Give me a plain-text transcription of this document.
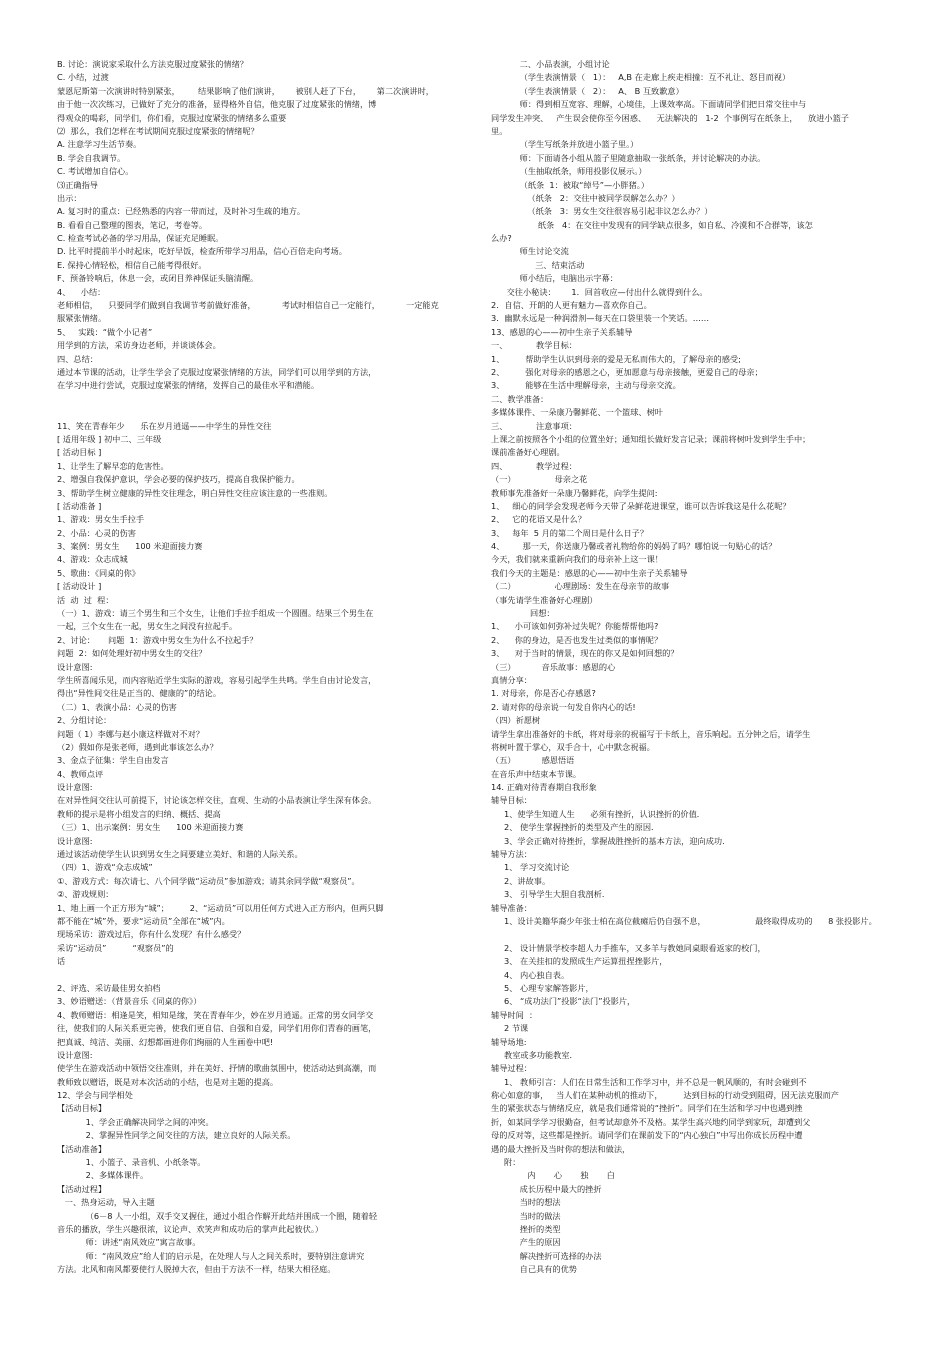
B. 讨论：演说家采取什么方法克服过度紧张的情绪？
C. 小结，过渡
蒙恩尼斯第一次演讲时特别紧张，       结果影响了他们演讲，      被别人赶了下台，      第二次演讲时，
由于他一次次练习，已做好了充分的准备，显得格外自信，他克服了过度紧张的情绪，博
得观众的喝彩，同学们，你们看，克服过度紧张的情绪多么重要
⑵  那么，我们怎样在考试期间克服过度紧张的情绪呢？
A. 注意学习生活节奏。
B. 学会自我调节。
C. 考试增加自信心。
⑶正确指导
出示：
A. 复习时的重点：已经熟悉的内容一带而过，及时补习生疏的地方。
B. 看看自己整理的图表，笔记，考卷等。
C. 检查考试必备的学习用品，保证充足睡眠。
D. 比平时提前半小时起床，吃好早饭，检查所带学习用品，信心百倍走向考场。
E. 保持心情轻松，相信自己能考得很好。
F、预备铃响后，休息一会，或闭目养神保证头脑清醒。
4、    小结：
老师相信，    只要同学们做到自我调节考前做好准备，          考试时相信自己一定能行，          一定能克
服紧张情绪。
5、   实践：“做个小记者”
用学到的方法，采访身边老师，并谈谈体会。
四、总结：
通过本节课的活动，让学生学会了克服过度紧张情绪的方法，同学们可以用学到的方法，
在学习中进行尝试，克服过度紧张的情绪，发挥自己的最佳水平和潜能。
11、笑在青春年少      乐在岁月逍遥——中学生的异性交往
[ 适用年级 ] 初中二、三年级
[ 活动目标 ]
1、让学生了解早恋的危害性。
2、增强自我保护意识，学会必要的保护技巧，提高自我保护能力。
3、帮助学生树立健康的异性交往理念，明白异性交往应该注意的一些准则。
[ 活动准备 ]
1、游戏：男女生手拉手
2、小品：心灵的伤害
3、案例：男女生      100 米迎面接力赛
4、游戏：众志成城
5、歌曲：《同桌的你》
[ 活动设计 ]
活  动  过  程：
（一）1、游戏：请三个男生和三个女生，让他们手拉手组成一个圆圈。结果三个男生在
一起，三个女生在一起，男女生之间没有拉起手。
2、讨论：     问题  1：游戏中男女生为什么不拉起手？
问题  2：如何处理好初中男女生的交往？
设计意图:
学生所喜闻乐见，而内容贴近学生实际的游戏，容易引起学生共鸣。学生自由讨论发言，
得出“异性间交往是正当的、健康的”的结论。
（二）1、表演小品：心灵的伤害
2、分组讨论：
问题（ 1）李娜与赵小康这样做对不对？
（2）假如你是张老师，遇到此事该怎么办？
3、金点子征集：学生自由发言
4、教师点评
设计意图:
在对异性间交往认可前提下，讨论该怎样交往，直观、生动的小品表演让学生深有体会。
教师的提示是将小组发言的归纳、概括、提高
（三）1、出示案例：男女生      100 米迎面接力赛
设计意图:
通过该活动使学生认识到男女生之间要建立美好、和谐的人际关系。
（四）1、游戏“众志成城”
①、游戏方式：每次请七、八个同学做“运动员”参加游戏；请其余同学做“观察员”。
②、游戏规则：
1、地上画一个正方形为“城”；        2、“运动员”可以用任何方式进入正方形内，但两只脚
都不能在“城”外，要求“运动员”全部在“城”内。
现场采访：游戏过后，你有什么发现？有什么感受？
采访“运动员”          “观察员”的
话
2、评选、采访最佳男女拍档
3、妙语赠送：（背景音乐《同桌的你》）
4、教师赠语：相逢是笑，相知是缘，笑在青春年少，妙在岁月逍遥。正常的男女同学交
往，使我们的人际关系更完善，使我们更自信、自强和自爱，同学们用你们青春的画笔，
把真诚、纯洁、美丽、幻想都画进你们绚丽的人生画卷中吧!
设计意图:
使学生在游戏活动中领悟交往准则，并在美好、抒情的歌曲氛围中，使活动达到高潮，而
教师致以赠语，既是对本次活动的小结，也是对主题的提高。
12、学会与同学相处
【活动目标】
1、学会正确解决同学之间的冲突。
2、掌握异性同学之间交往的方法，建立良好的人际关系。
【活动准备】
1、小篮子、录音机、小纸条等。
2、多媒体课件。
【活动过程】
一、热身运动，导入主题
（6－8 人一小组，双手交叉握住，通过小组合作解开此结并围成一个圈，随着轻
音乐的播放，学生兴趣很浓，议论声、欢笑声和成功后的掌声此起彼伏。）
师：讲述“南风效应”寓言故事。
师：“南风效应”给人们的启示是，在处理人与人之间关系时，要特别注意讲究
方法。北风和南风都要使行人脱掉大衣，但由于方法不一样，结果大相径庭。
二、小品表演，小组讨论
（学生表演情景（   1）：   A,B 在走廊上疾走相撞：互不礼让、怒目而视）
（学生表演情景（   2）：   A、 B 互致歉意）
师：得到相互宽容、理解，心境佳，上课效率高。下面请同学们把日常交往中与
同学发生冲突、   产生误会使你至今困惑、    无法解决的   1-2  个事例写在纸条上，    放进小篮子
里。
（学生写纸条并放进小篮子里。）
师：下面请各小组从篮子里随意抽取一张纸条，并讨论解决的办法。
（生抽取纸条，师用投影仪展示。）
（纸条  1：被取“绰号”—小胖猪。）
（纸条   2：交往中被同学误解怎么办？）
（纸条   3：男女生交往很容易引起非议怎么办？）
纸条   4：在交往中发现有的同学缺点很多，如自私、冷漠和不合群等，该怎
么办?
师生讨论交流
三、结束活动
师小结后，电脑出示字幕：
交往小秘诀：      1．回首收应—付出什么就得到什么。
2．自信、开朗的人更有魅力—喜欢你自己。
3．幽默永远是一种润滑剂—每天在口袋里装一个笑话。……
13、感恩的心——初中生亲子关系辅导
一、           教学目标：
1、        帮助学生认识到母亲的爱是无私而伟大的，了解母亲的感受;
2、        强化对母亲的感恩之心，更加愿意与母亲接触，更爱自己的母亲；
3、        能够在生活中理解母亲，主动与母亲交流。
二、教学准备：
多媒体课件、一朵康乃馨鲜花、一个篮球、树叶
三、           注意事项：
上课之前按照各个小组的位置坐好；通知组长做好发言记录；课前将树叶发到学生手中；
课前准备好心理剧。
四、           教学过程：
（一）               母亲之花
教师事先准备好一朵康乃馨鲜花，向学生提问:
1、   细心的同学会发现老师今天带了朵鲜花进课堂，谁可以告诉我这是什么花呢？
2、   它的花语又是什么？
3、   每年  5 月的第二个周日是什么日子？
4、       那一天，你送康乃馨或者礼物给你的妈妈了吗？哪怕说一句贴心的话？
今天，我们就来重新向我们的母亲补上这一课！
我们今天的主题是：感恩的心——初中生亲子关系辅导
（二）               心理剧场：发生在母亲节的故事
（事先请学生准备好心理剧）
回想：
1、    小可该如何弥补过失呢？你能帮帮他吗?
2、    你的身边，是否也发生过类似的事情呢？
3、    对于当时的情景，现在的你又是如何回想的？
（三）          音乐故事：感恩的心
真情分享：
1. 对母亲，你是否心存感恩?
2. 请对你的母亲说一句发自你内心的话!
（四）祈愿树
请学生拿出准备好的卡纸，将对母亲的祝福写于卡纸上，音乐响起。五分钟之后，请学生
将树叶置于掌心，双手合十，心中默念祝福。
（五）          感恩悟语
在音乐声中结束本节课。
14. 正确对待青春期自我形象
辅导目标：
1、使学生知道人生      必须有挫折，认识挫折的价值．
2、 使学生掌握挫折的类型及产生的原因．
3、学会正确对待挫折，掌握战胜挫折的基本方法，迎向成功．
辅导方法：
1、 学习交流讨论
2、讲故事。
3、 引导学生大胆自我剖析．
辅导准备：
1、设计美籍华裔少年张士柏在高位截瘫后仍自强不息，                   最终取得成功的      8 张投影片。
2、 设计情景学校李超人力手推车，又多羊与教她同桌眼看返家的校门，
3、 在关挂扣的发照成生产运算扭捏挫影片，
4、 内心独自表。
5、 心理专家解答影片，
6、 “成功法门”投影“法门”投影片，
辅导时间  ：
2 节课
辅导场地:
教室或多功能教室．
辅导过程：
1、 教师引言：人们在日常生活和工作学习中，并不总是一帆风顺的，有时会碰到不
称心如意的事，   当人们在某种动机的推动下，        达到目标的行动受到阻碍，因无法克服而产
生的紧张状态与情绪反应，就是我们通常说的“挫折”。同学们在生活和学习中也遇到挫
折，如某同学学习很勤奋，但考试却意外不及格。某学生高兴地约同学到家玩，却遭到父
母的反对等，这些都是挫折。请同学们在课前发下的“内心独白”中写出你成长历程中遭
遇的最大挫折及当时你的想法和做法，
附：
内       心       独       白
成长历程中最大的挫折
当时的想法
当时的做法
挫折的类型
产生的原因
解决挫折可选择的办法
自己具有的优势
